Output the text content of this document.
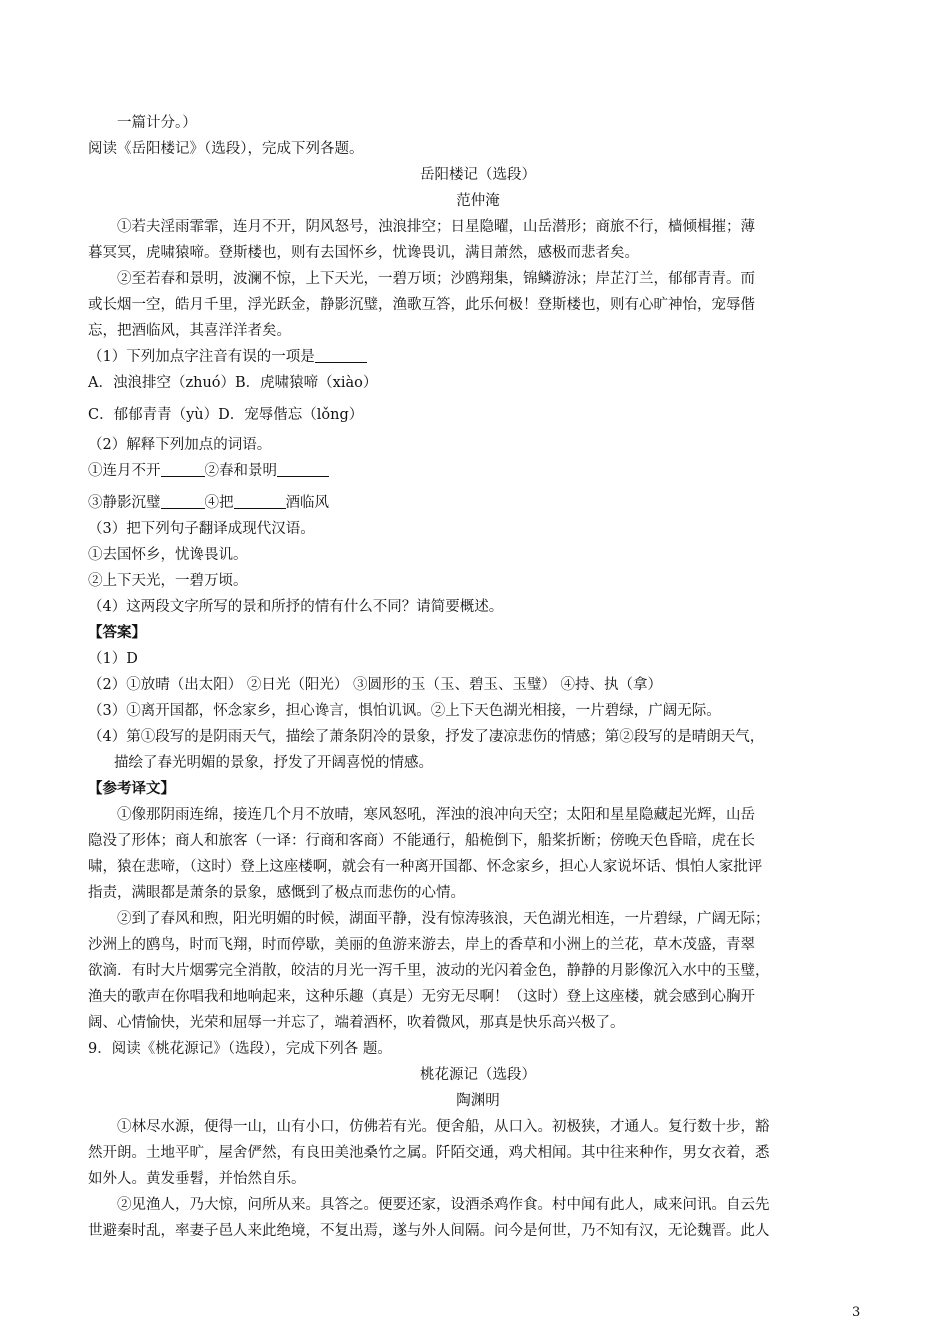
一篇计分。）
阅读《岳阳楼记》（选段），完成下列各题。
岳阳楼记（选段）
范仲淹
①若夫淫雨霏霏，连月不开，阴风怒号，浊浪排空；日星隐曜，山岳潜形；商旅不行，樯倾楫摧；薄
暮冥冥，虎啸猿啼。登斯楼也，则有去国怀乡，忧谗畏讥，满目萧然，感极而悲者矣。
②至若春和景明，波澜不惊，上下天光，一碧万顷；沙鸥翔集，锦鳞游泳；岸芷汀兰，郁郁青青。而
或长烟一空，皓月千里，浮光跃金，静影沉璧，渔歌互答，此乐何极！登斯楼也，则有心旷神怡，宠辱偕
忘，把酒临风，其喜洋洋者矣。
（1）下列加点字注音有误的一项是
A．浊浪排空（zhuó）B．虎啸猿啼（xiào）
C．郁郁青青（yù）D．宠辱偕忘（lǒng）
（2）解释下列加点的词语。
①连月不开	②春和景明
③静影沉璧	④把	酒临风
（3）把下列句子翻译成现代汉语。
①去国怀乡，忧谗畏讥。
②上下天光，一碧万顷。
（4）这两段文字所写的景和所抒的情有什么不同？请简要概述。
【答案】
（1）D
（2）①放晴（出太阳） ②日光（阳光） ③圆形的玉（玉、碧玉、玉璧） ④持、执（拿）
（3）①离开国都，怀念家乡，担心谗言，惧怕讥讽。②上下天色湖光相接，一片碧绿，广阔无际。
（4）第①段写的是阴雨天气，描绘了萧条阴冷的景象，抒发了凄凉悲伤的情感；第②段写的是晴朗天气，
描绘了春光明媚的景象，抒发了开阔喜悦的情感。
【参考译文】
①像那阴雨连绵，接连几个月不放晴，寒风怒吼，浑浊的浪冲向天空；太阳和星星隐藏起光辉，山岳
隐没了形体；商人和旅客（一译：行商和客商）不能通行，船桅倒下，船桨折断；傍晚天色昏暗，虎在长
啸，猿在悲啼，（这时）登上这座楼啊，就会有一种离开国都、怀念家乡，担心人家说坏话、惧怕人家批评
指责，满眼都是萧条的景象，感慨到了极点而悲伤的心情。
②到了春风和煦，阳光明媚的时候，湖面平静，没有惊涛骇浪，天色湖光相连，一片碧绿，广阔无际；
沙洲上的鸥鸟，时而飞翔，时而停歇，美丽的鱼游来游去，岸上的香草和小洲上的兰花，草木茂盛，青翠
欲滴．有时大片烟雾完全消散，皎洁的月光一泻千里，波动的光闪着金色，静静的月影像沉入水中的玉璧，
渔夫的歌声在你唱我和地响起来，这种乐趣（真是）无穷无尽啊！（这时）登上这座楼，就会感到心胸开
阔、心情愉快，光荣和屈辱一并忘了，端着酒杯，吹着微风，那真是快乐高兴极了。
9．阅读《桃花源记》（选段），完成下列各 题。
桃花源记（选段）
陶渊明
①林尽水源，便得一山，山有小口，仿佛若有光。便舍船，从口入。初极狭，才通人。复行数十步，豁
然开朗。土地平旷，屋舍俨然，有良田美池桑竹之属。阡陌交通，鸡犬相闻。其中往来种作，男女衣着，悉
如外人。黄发垂髫，并怡然自乐。
②见渔人，乃大惊，问所从来。具答之。便要还家，设酒杀鸡作食。村中闻有此人，咸来问讯。自云先
世避秦时乱，率妻子邑人来此绝境，不复出焉，遂与外人间隔。问今是何世，乃不知有汉，无论魏晋。此人
3
